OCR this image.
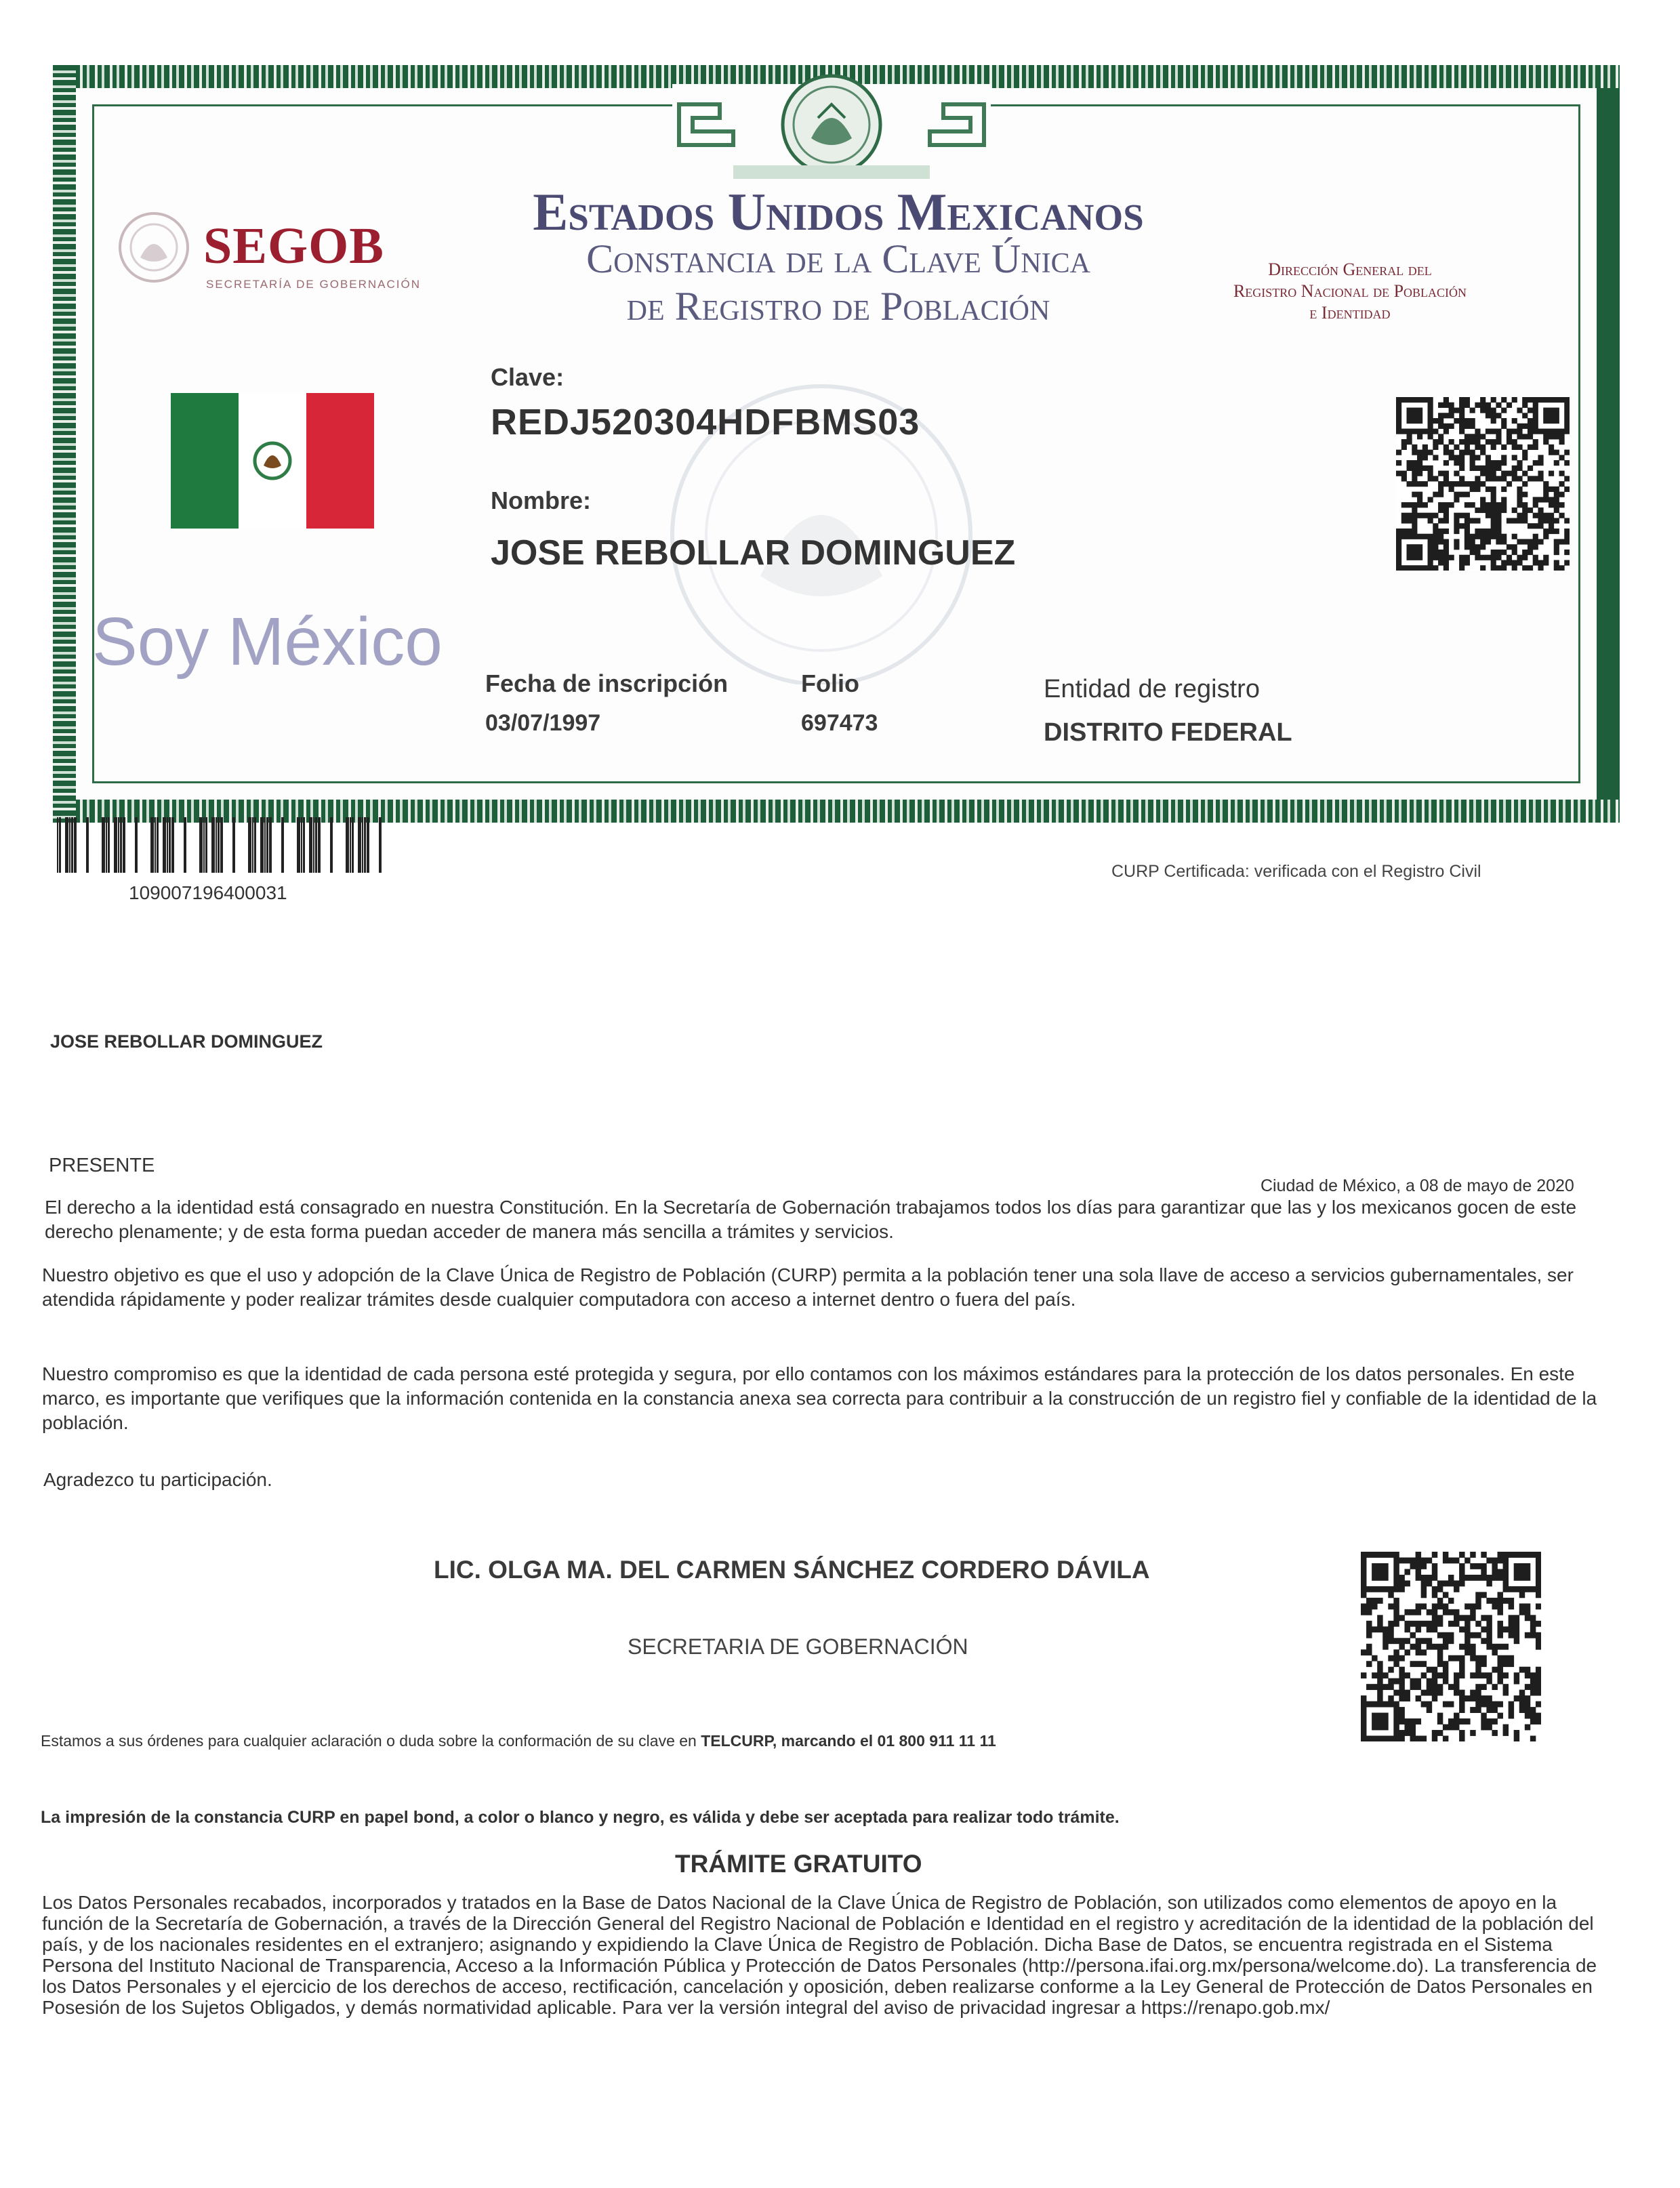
SEGOB
SECRETARÍA DE GOBERNACIÓN
Soy México
Estados Unidos Mexicanos
Constancia de la Clave Única
de Registro de Población
Dirección General del
Registro Nacional de Población
e Identidad
Clave:
REDJ520304HDFBMS03
Nombre:
JOSE REBOLLAR DOMINGUEZ
Fecha de inscripción
03/07/1997
Folio
697473
Entidad de registro
DISTRITO FEDERAL
109007196400031
CURP Certificada: verificada con el Registro Civil
JOSE REBOLLAR DOMINGUEZ
PRESENTE
Ciudad de México, a 08 de mayo de 2020

El derecho a la identidad está consagrado en nuestra Constitución. En la Secretaría de Gobernación trabajamos todos los días para garantizar que las y los mexicanos gocen de este derecho plenamente; y de esta forma puedan acceder de manera más sencilla a trámites y servicios.

Nuestro objetivo es que el uso y adopción de la Clave Única de Registro de Población (CURP) permita a la población tener una sola llave de acceso a servicios gubernamentales, ser atendida rápidamente y poder realizar trámites desde cualquier computadora con acceso a internet dentro o fuera del país.

Nuestro compromiso es que la identidad de cada persona esté protegida y segura, por ello contamos con los máximos estándares para la protección de los datos personales. En este marco, es importante que verifiques que la información contenida en la constancia anexa sea correcta para contribuir a la construcción de un registro fiel y confiable de la identidad de la población.

Agradezco tu participación.
LIC. OLGA MA. DEL CARMEN SÁNCHEZ CORDERO DÁVILA
SECRETARIA DE GOBERNACIÓN
Estamos a sus órdenes para cualquier aclaración o duda sobre la conformación de su clave en TELCURP, marcando el 01 800 911 11 11
La impresión de la constancia CURP en papel bond, a color o blanco y negro, es válida y debe ser aceptada para realizar todo trámite.
TRÁMITE GRATUITO

Los Datos Personales recabados, incorporados y tratados en la Base de Datos Nacional de la Clave Única de Registro de Población, son utilizados como elementos de apoyo en la función de la Secretaría de Gobernación, a través de la Dirección General del Registro Nacional de Población e Identidad en el registro y acreditación de la identidad de la población del país, y de los nacionales residentes en el extranjero; asignando y expidiendo la Clave Única de Registro de Población. Dicha Base de Datos, se encuentra registrada en el Sistema Persona del Instituto Nacional de Transparencia, Acceso a la Información Pública y Protección de Datos Personales (http://persona.ifai.org.mx/persona/welcome.do). La transferencia de los Datos Personales y el ejercicio de los derechos de acceso, rectificación, cancelación y oposición, deben realizarse conforme a la Ley General de Protección de Datos Personales en Posesión de los Sujetos Obligados, y demás normatividad aplicable. Para ver la versión integral del aviso de privacidad ingresar a https://renapo.gob.mx/
